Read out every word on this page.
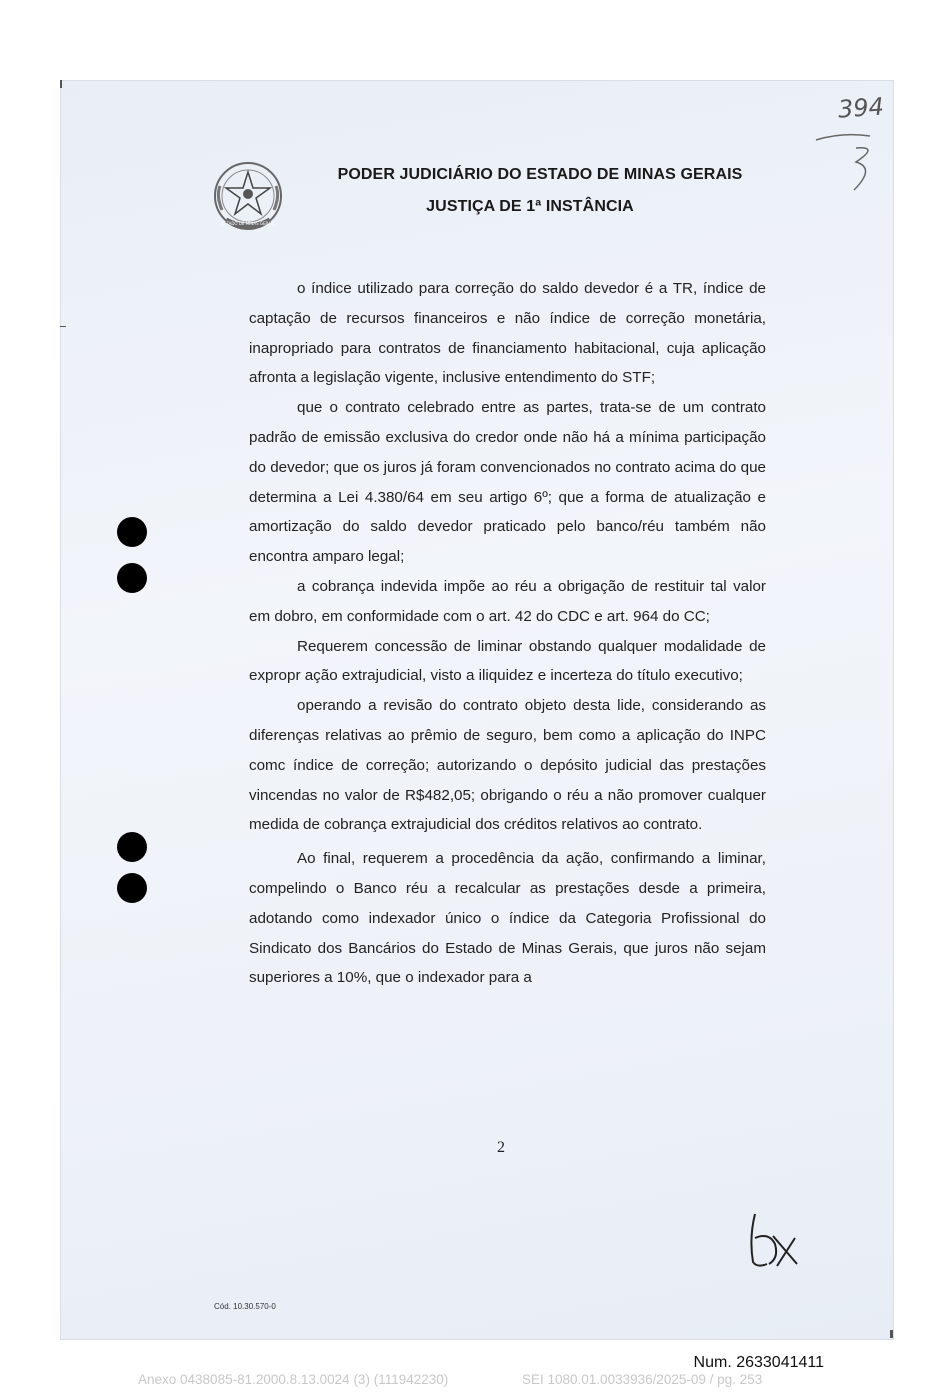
ESTADO DE MINAS GERAIS
PODER JUDICIÁRIO DO ESTADO DE MINAS GERAIS
JUSTIÇA DE 1ª INSTÂNCIA
394

o índice utilizado para correção do saldo devedor é a TR, índice de captação de recursos financeiros e não índice de correção monetária, inapropriado para contratos de financiamento habitacional, cuja aplicação afronta a legislação vigente, inclusive entendimento do STF;

que o contrato celebrado entre as partes, trata-se de um contrato padrão de emissão exclusiva do credor onde não há a mínima participação do devedor; que os juros já foram convencionados no contrato acima do que determina a Lei 4.380/64 em seu artigo 6º; que a forma de atualização e amortização do saldo devedor praticado pelo banco/réu também não encontra amparo legal;

a cobrança indevida impõe ao réu a obrigação de restituir tal valor em dobro, em conformidade com o art. 42 do CDC e art. 964 do CC;

Requerem concessão de liminar obstando qualquer modalidade de expropr ação extrajudicial, visto a iliquidez e incerteza do título executivo;

operando a revisão do contrato objeto desta lide, considerando as diferenças relativas ao prêmio de seguro, bem como a aplicação do INPC comc índice de correção; autorizando o depósito judicial das prestações vincendas no valor de R$482,05; obrigando o réu a não promover cualquer medida de cobrança extrajudicial dos créditos relativos ao contrato.

Ao final, requerem a procedência da ação, confirmando a liminar, compelindo o Banco réu a recalcular as prestações desde a primeira, adotando como indexador único o índice da Categoria Profissional do Sindicato dos Bancários do Estado de Minas Gerais, que juros não sejam superiores a 10%, que o indexador para a

2
Cód. 10.30.570-0
Num. 2633041411
Anexo 0438085-81.2000.8.13.0024 (3) (111942230)	SEI 1080.01.0033936/2025-09 / pg. 253
